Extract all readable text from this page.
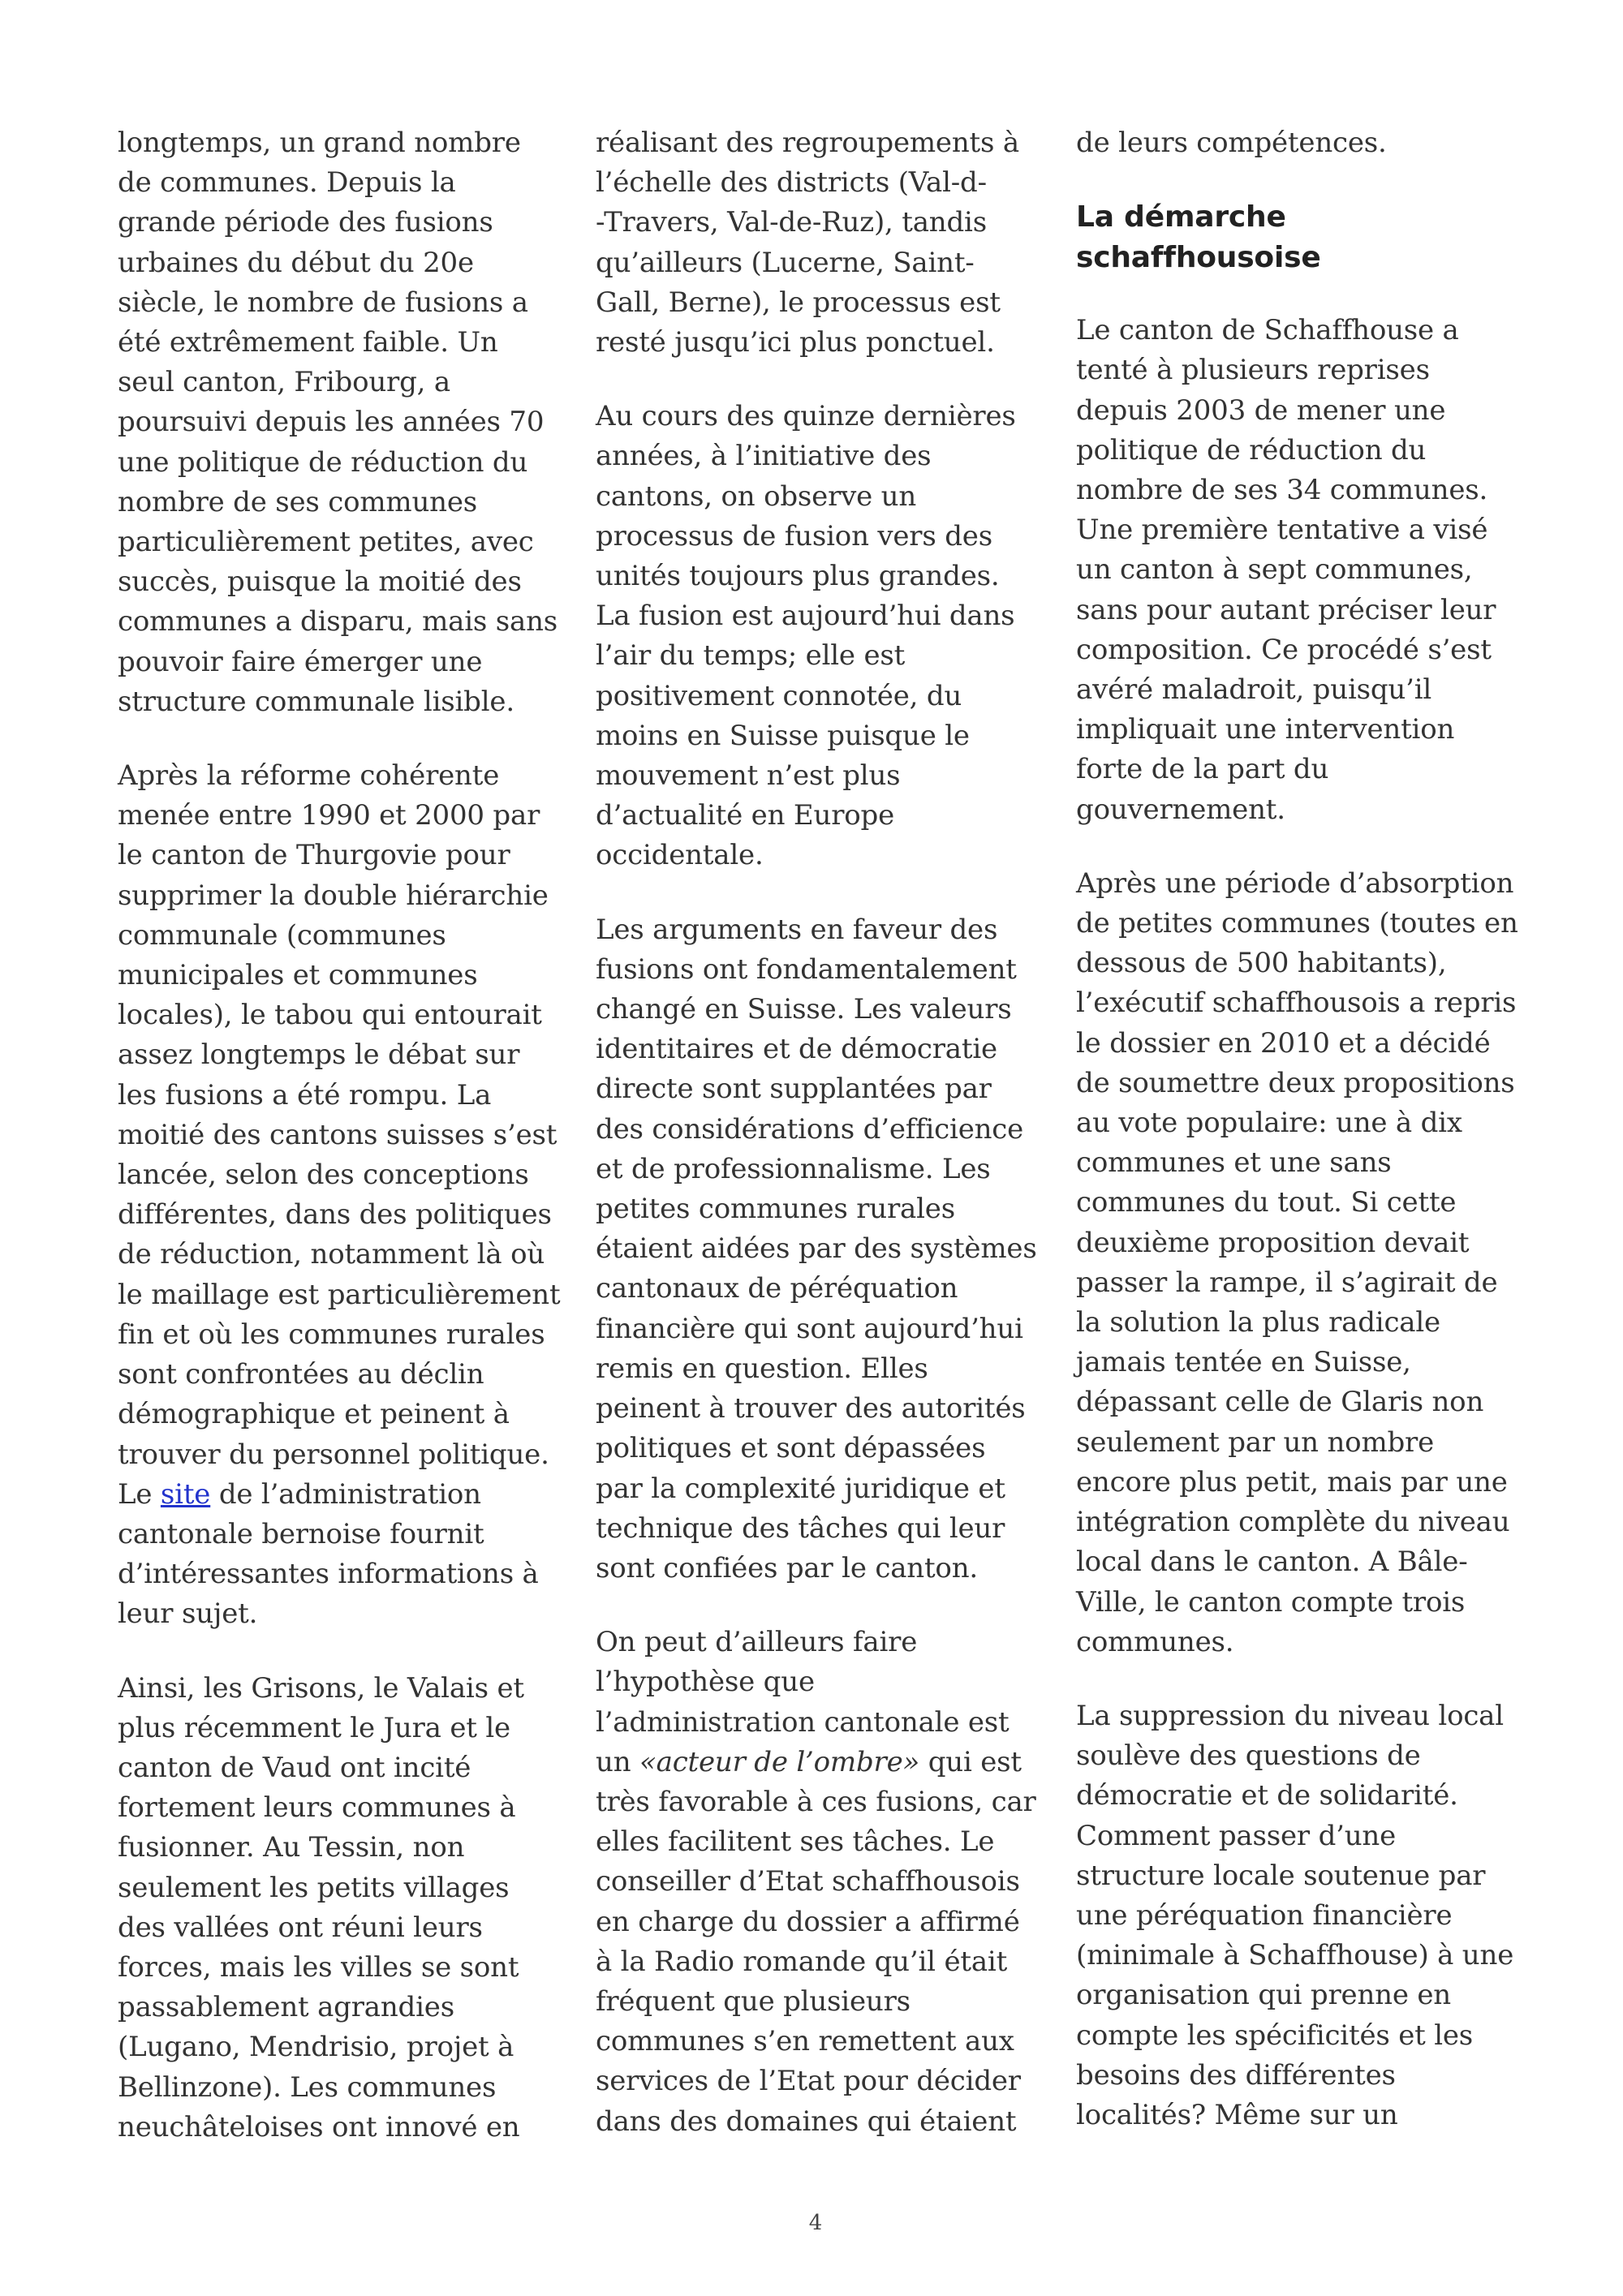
longtemps, un grand nombre
de communes. Depuis la
grande période des fusions
urbaines du début du 20e
siècle, le nombre de fusions a
été extrêmement faible. Un
seul canton, Fribourg, a
poursuivi depuis les années 70
une politique de réduction du
nombre de ses communes
particulièrement petites, avec
succès, puisque la moitié des
communes a disparu, mais sans
pouvoir faire émerger une
structure communale lisible.

Après la réforme cohérente
menée entre 1990 et 2000 par
le canton de Thurgovie pour
supprimer la double hiérarchie
communale (communes
municipales et communes
locales), le tabou qui entourait
assez longtemps le débat sur
les fusions a été rompu. La
moitié des cantons suisses s’est
lancée, selon des conceptions
différentes, dans des politiques
de réduction, notamment là où
le maillage est particulièrement
fin et où les communes rurales
sont confrontées au déclin
démographique et peinent à
trouver du personnel politique.
Le site de l’administration
cantonale bernoise fournit
d’intéressantes informations à
leur sujet.

Ainsi, les Grisons, le Valais et
plus récemment le Jura et le
canton de Vaud ont incité
fortement leurs communes à
fusionner. Au Tessin, non
seulement les petits villages
des vallées ont réuni leurs
forces, mais les villes se sont
passablement agrandies
(Lugano, Mendrisio, projet à
Bellinzone). Les communes
neuchâteloises ont innové en

réalisant des regroupements à
l’échelle des districts (Val-d-
-Travers, Val-de-Ruz), tandis
qu’ailleurs (Lucerne, Saint-
Gall, Berne), le processus est
resté jusqu’ici plus ponctuel.

Au cours des quinze dernières
années, à l’initiative des
cantons, on observe un
processus de fusion vers des
unités toujours plus grandes.
La fusion est aujourd’hui dans
l’air du temps; elle est
positivement connotée, du
moins en Suisse puisque le
mouvement n’est plus
d’actualité en Europe
occidentale.

Les arguments en faveur des
fusions ont fondamentalement
changé en Suisse. Les valeurs
identitaires et de démocratie
directe sont supplantées par
des considérations d’efficience
et de professionnalisme. Les
petites communes rurales
étaient aidées par des systèmes
cantonaux de péréquation
financière qui sont aujourd’hui
remis en question. Elles
peinent à trouver des autorités
politiques et sont dépassées
par la complexité juridique et
technique des tâches qui leur
sont confiées par le canton.

On peut d’ailleurs faire
l’hypothèse que
l’administration cantonale est
un «acteur de l’ombre» qui est
très favorable à ces fusions, car
elles facilitent ses tâches. Le
conseiller d’Etat schaffhousois
en charge du dossier a affirmé
à la Radio romande qu’il était
fréquent que plusieurs
communes s’en remettent aux
services de l’Etat pour décider
dans des domaines qui étaient

de leurs compétences.

La démarche
schaffhousoise

Le canton de Schaffhouse a
tenté à plusieurs reprises
depuis 2003 de mener une
politique de réduction du
nombre de ses 34 communes.
Une première tentative a visé
un canton à sept communes,
sans pour autant préciser leur
composition. Ce procédé s’est
avéré maladroit, puisqu’il
impliquait une intervention
forte de la part du
gouvernement.

Après une période d’absorption
de petites communes (toutes en
dessous de 500 habitants),
l’exécutif schaffhousois a repris
le dossier en 2010 et a décidé
de soumettre deux propositions
au vote populaire: une à dix
communes et une sans
communes du tout. Si cette
deuxième proposition devait
passer la rampe, il s’agirait de
la solution la plus radicale
jamais tentée en Suisse,
dépassant celle de Glaris non
seulement par un nombre
encore plus petit, mais par une
intégration complète du niveau
local dans le canton. A Bâle-
Ville, le canton compte trois
communes.

La suppression du niveau local
soulève des questions de
démocratie et de solidarité.
Comment passer d’une
structure locale soutenue par
une péréquation financière
(minimale à Schaffhouse) à une
organisation qui prenne en
compte les spécificités et les
besoins des différentes
localités? Même sur un

4
